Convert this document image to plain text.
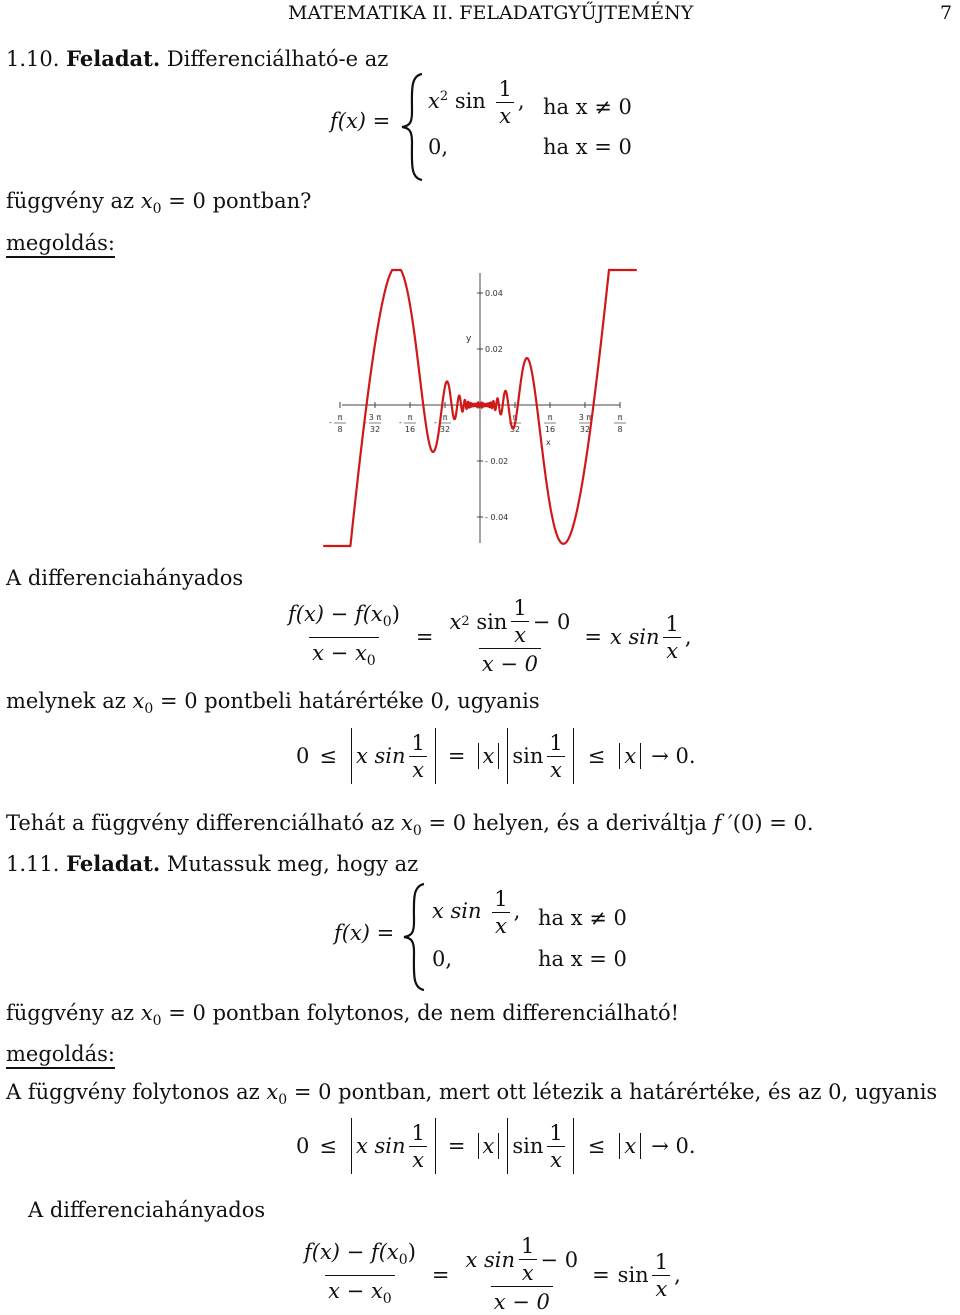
MATEMATIKA II. FELADATGYŰJTEMÉNY	7
1.10. Feladat. Differenciálható-e az
f(x) =
$x^2$ $\sin \frac{1}{x}$ , ha x ≠ 0
0,	ha x = 0
függvény az $x_0 = 0$ pontban?
megoldás:
-
π
8
-
3 π
32
-
π
16
-
π
32
π
32
π
16
3 π
32
π
8
0.04
0.02
- 0.02
- 0.04
y
x
A differenciahányados
$\frac{f(x) - f(x_0)}{x - x_0} = x$ 2
$\sin \frac{1}{x} - 0$
x − 0 = x $\sin \frac{1}{x}$ ,
melynek az $x_0 = 0$ pontbeli határértéke 0, ugyanis
0 ≤ x $\sin \frac{1}{x} = x$ $\sin \frac{1}{x} \le x \to 0$.
Tehát a függvény differenciálható az $x_0 = 0$ helyen, és a deriváltja f ′(0) = 0.
1.11. Feladat. Mutassuk meg, hogy az
f(x) =
x $\sin \frac{1}{x}$ , ha x ≠ 0
0,	ha x = 0
függvény az $x_0 = 0$ pontban folytonos, de nem differenciálható!
megoldás:
A függvény folytonos az $x_0 = 0$ pontban, mert ott létezik a határértéke, és az 0, ugyanis
0 ≤ x $\sin \frac{1}{x} = x$ $\sin \frac{1}{x} \le x \to 0$.
A differenciahányados
$\frac{f(x) - f(x_0)}{x - x_0} = \frac{x \sin \frac{1}{x} - 0}{x - 0} = \sin \frac{1}{x}$ ,
